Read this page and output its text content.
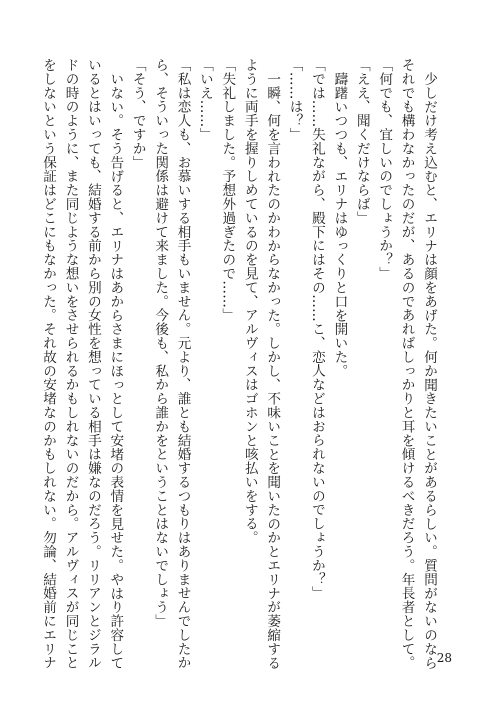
少しだけ考え込むと、エリナは顔をあげた。何か聞きたいことがあるらしい。質問がないのなら
それでも構わなかったのだが、あるのであればしっかりと耳を傾けるべきだろう。年長者として。
「何でも、宜しいのでしょうか？」
「ええ、聞くだけならば」
躊躇いつつも、エリナはゆっくりと口を開いた。
「では……失礼ながら、殿下にはその……こ、恋人などはおられないのでしょうか？」
「……は？」
一瞬、何を言われたのかわからなかった。しかし、不味いことを聞いたのかとエリナが萎縮する
ように両手を握りしめているのを見て、アルヴィスはゴホンと咳払いをする。
「失礼しました。予想外過ぎたので……」
「いえ……」
「私は恋人も、お慕いする相手もいません。元より、誰とも結婚するつもりはありませんでしたか
ら、そういった関係は避けて来ました。今後も、私から誰かをということはないでしょう」
「そう、ですか」
いない。そう告げると、エリナはあからさまにほっとして安堵の表情を見せた。やはり許容して
いるとはいっても、結婚する前から別の女性を想っている相手は嫌なのだろう。リリアンとジラル
ドの時のように、また同じような想いをさせられるかもしれないのだから。アルヴィスが同じこと
をしないという保証はどこにもなかった。それ故の安堵なのかもしれない。勿論、結婚前にエリナ	28
